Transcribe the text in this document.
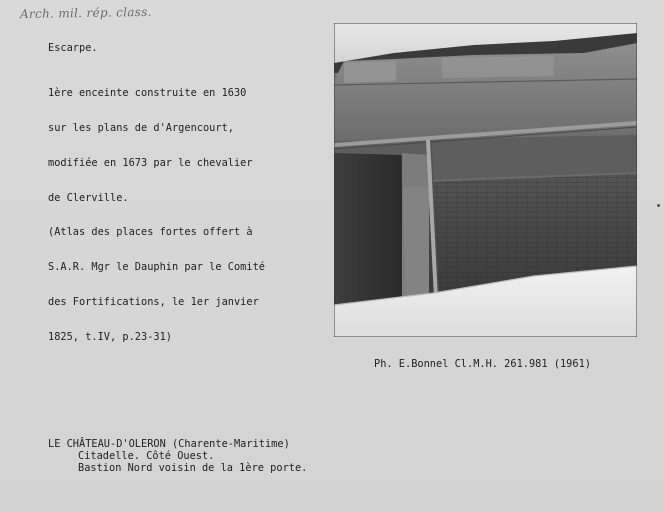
Arch. mil. rép. class.
Escarpe.

1ère enceinte construite en 1630

sur les plans de d'Argencourt,

modifiée en 1673 par le chevalier

de Clerville.

(Atlas des places fortes offert à

S.A.R. Mgr le Dauphin par le Comité

des Fortifications, le 1er janvier

1825, t.IV, p.23-31)

Ph. E.Bonnel Cl.M.H. 261.981 (1961)
LE CHÂTEAU-D'OLERON (Charente-Maritime)
Citadelle. Côté Ouest.
Bastion Nord voisin de la 1ère porte.
